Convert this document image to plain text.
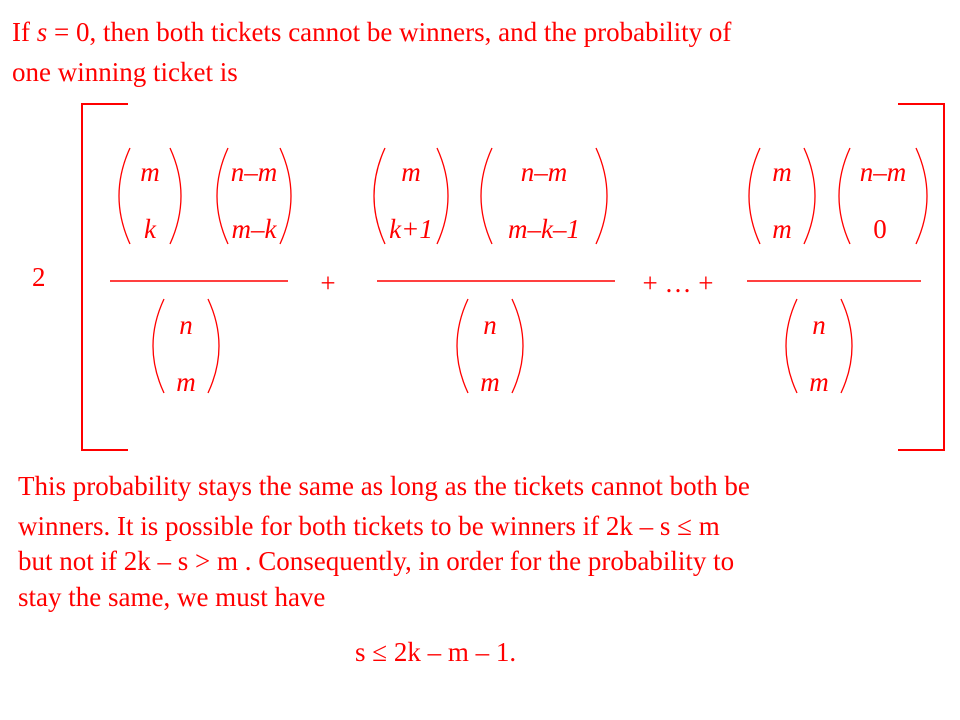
If s = 0, then both tickets cannot be winners, and the probability of
one winning ticket is
2
m
k
n–m
m–k
n
m
+
m
k+1
n–m
m–k–1
n
m
+ … +
m
m
n–m
0
n
m
This probability stays the same as long as the tickets cannot both be
winners. It is possible for both tickets to be winners if 2k – s ≤ m
but not if 2k – s > m . Consequently, in order for the probability to
stay the same, we must have
s ≤ 2k – m – 1.
